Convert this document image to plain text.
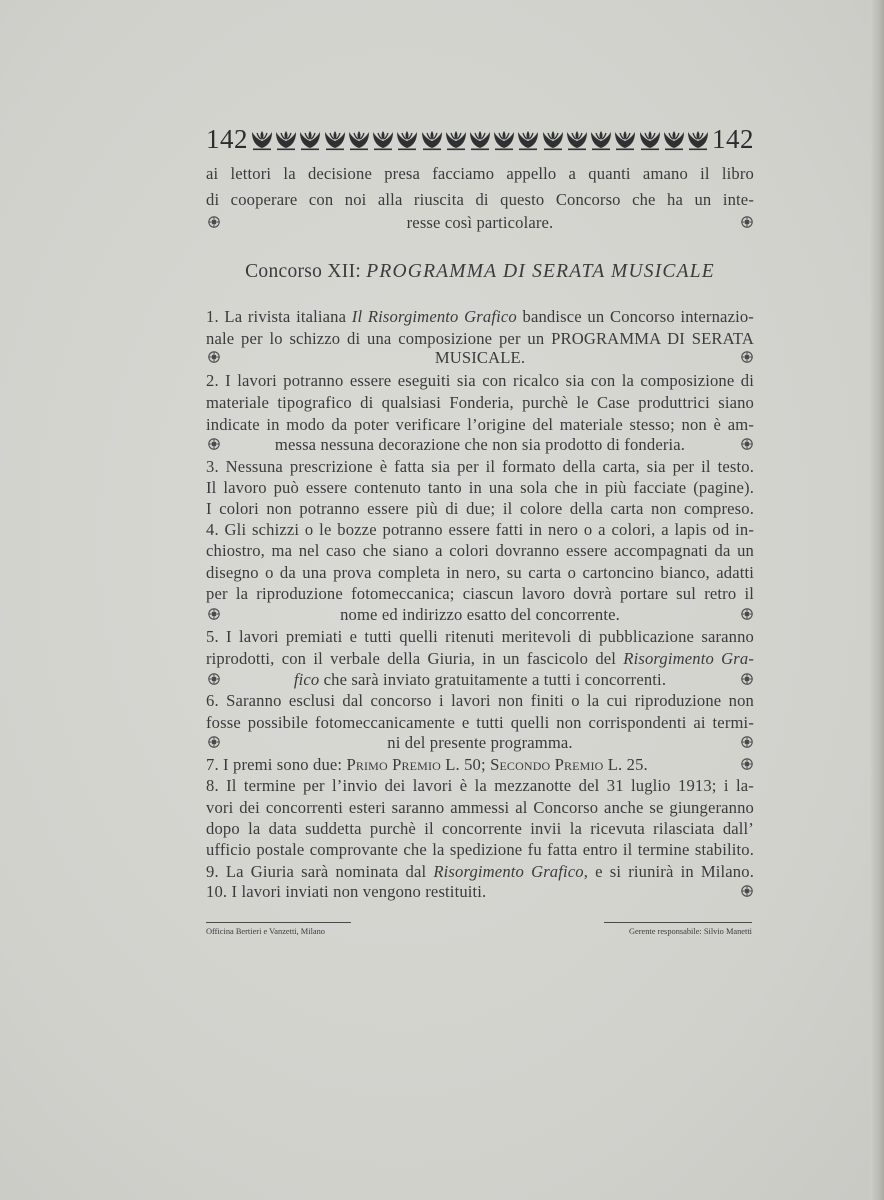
142	142
ai lettori la decisione presa facciamo appello a quanti amano il libro
di cooperare con noi alla riuscita di questo Concorso che ha un inte-
resse così particolare.
Concorso XII: PROGRAMMA DI SERATA MUSICALE
1. La rivista italiana Il Risorgimento Grafico bandisce un Concorso internazio-
nale per lo schizzo di una composizione per un PROGRAMMA DI SERATA
MUSICALE.
2. I lavori potranno essere eseguiti sia con ricalco sia con la composizione di
materiale tipografico di qualsiasi Fonderia, purchè le Case produttrici siano
indicate in modo da poter verificare l’origine del materiale stesso; non è am-
messa nessuna decorazione che non sia prodotto di fonderia.
3. Nessuna prescrizione è fatta sia per il formato della carta, sia per il testo.
Il lavoro può essere contenuto tanto in una sola che in più facciate (pagine).
I colori non potranno essere più di due; il colore della carta non compreso.
4. Gli schizzi o le bozze potranno essere fatti in nero o a colori, a lapis od in-
chiostro, ma nel caso che siano a colori dovranno essere accompagnati da un
disegno o da una prova completa in nero, su carta o cartoncino bianco, adatti
per la riproduzione fotomeccanica; ciascun lavoro dovrà portare sul retro il
nome ed indirizzo esatto del concorrente.
5. I lavori premiati e tutti quelli ritenuti meritevoli di pubblicazione saranno
riprodotti, con il verbale della Giuria, in un fascicolo del Risorgimento Gra-
fico che sarà inviato gratuitamente a tutti i concorrenti.
6. Saranno esclusi dal concorso i lavori non finiti o la cui riproduzione non
fosse possibile fotomeccanicamente e tutti quelli non corrispondenti ai termi-
ni del presente programma.
7. I premi sono due: Primo Premio L. 50; Secondo Premio L. 25.
8. Il termine per l’invio dei lavori è la mezzanotte del 31 luglio 1913; i la-
vori dei concorrenti esteri saranno ammessi al Concorso anche se giungeranno
dopo la data suddetta purchè il concorrente invii la ricevuta rilasciata dall’
ufficio postale comprovante che la spedizione fu fatta entro il termine stabilito.
9. La Giuria sarà nominata dal Risorgimento Grafico, e si riunirà in Milano.
10. I lavori inviati non vengono restituiti.
Officina Bertieri e Vanzetti, Milano	Gerente responsabile: Silvio Manetti
